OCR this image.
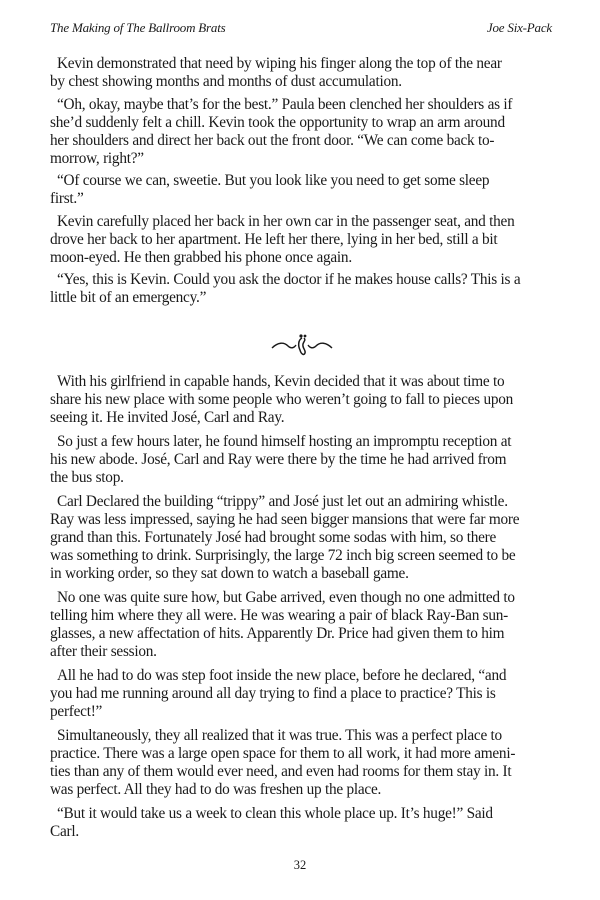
The Making of The Ballroom Brats	Joe Six-Pack
Kevin demonstrated that need by wiping his finger along the top of the near
by chest showing months and months of dust accumulation.
“Oh, okay, maybe that’s for the best.” Paula been clenched her shoulders as if
she’d suddenly felt a chill. Kevin took the opportunity to wrap an arm around
her shoulders and direct her back out the front door. “We can come back to-
morrow, right?”
“Of course we can, sweetie. But you look like you need to get some sleep
first.”
Kevin carefully placed her back in her own car in the passenger seat, and then
drove her back to her apartment. He left her there, lying in her bed, still a bit
moon-eyed. He then grabbed his phone once again.
“Yes, this is Kevin. Could you ask the doctor if he makes house calls? This is a
little bit of an emergency.”
With his girlfriend in capable hands, Kevin decided that it was about time to
share his new place with some people who weren’t going to fall to pieces upon
seeing it. He invited José, Carl and Ray.
So just a few hours later, he found himself hosting an impromptu reception at
his new abode. José, Carl and Ray were there by the time he had arrived from
the bus stop.
Carl Declared the building “trippy” and José just let out an admiring whistle.
Ray was less impressed, saying he had seen bigger mansions that were far more
grand than this. Fortunately José had brought some sodas with him, so there
was something to drink. Surprisingly, the large 72 inch big screen seemed to be
in working order, so they sat down to watch a baseball game.
No one was quite sure how, but Gabe arrived, even though no one admitted to
telling him where they all were. He was wearing a pair of black Ray-Ban sun-
glasses, a new affectation of hits. Apparently Dr. Price had given them to him
after their session.
All he had to do was step foot inside the new place, before he declared, “and
you had me running around all day trying to find a place to practice? This is
perfect!”
Simultaneously, they all realized that it was true. This was a perfect place to
practice. There was a large open space for them to all work, it had more ameni-
ties than any of them would ever need, and even had rooms for them stay in. It
was perfect. All they had to do was freshen up the place.
“But it would take us a week to clean this whole place up. It’s huge!” Said
Carl.
32
